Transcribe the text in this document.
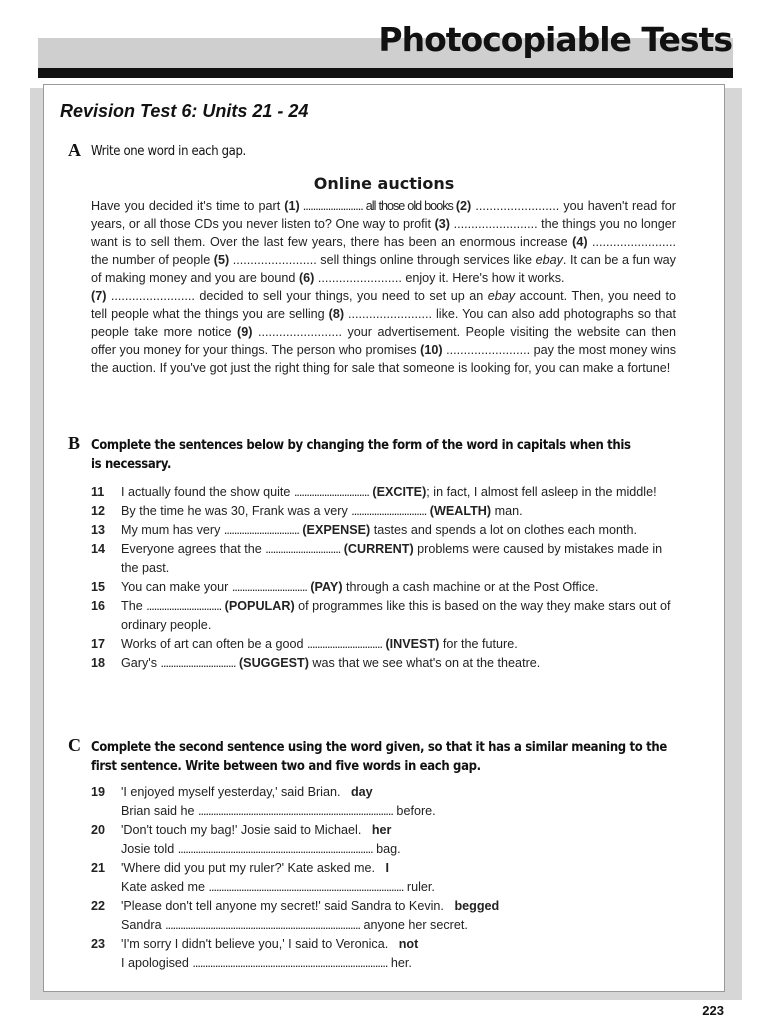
Photocopiable Tests
Revision Test 6: Units 21 - 24
A Write one word in each gap.
Online auctions

Have you decided it's time to part (1) ........................ all those old books (2) ........................ you haven't read for years, or all those CDs you never listen to? One way to profit (3) ........................ the things you no longer want is to sell them. Over the last few years, there has been an enormous increase (4) ........................ the number of people (5) ........................ sell things online through services like ebay. It can be a fun way of making money and you are bound (6) ........................ enjoy it. Here's how it works.

(7) ........................ decided to sell your things, you need to set up an ebay account. Then, you need to tell people what the things you are selling (8) ........................ like. You can also add photographs so that people take more notice (9) ........................ your advertisement. People visiting the website can then offer you money for your things. The person who promises (10) ........................ pay the most money wins the auction. If you've got just the right thing for sale that someone is looking for, you can make a fortune!

B Complete the sentences below by changing the form of the word in capitals when this is necessary.
11 I actually found the show quite .............................. (EXCITE); in fact, I almost fell asleep in the middle!
12 By the time he was 30, Frank was a very .............................. (WEALTH) man.
13 My mum has very .............................. (EXPENSE) tastes and spends a lot on clothes each month.
14 Everyone agrees that the .............................. (CURRENT) problems were caused by mistakes made in the past.
15 You can make your .............................. (PAY) through a cash machine or at the Post Office.
16 The .............................. (POPULAR) of programmes like this is based on the way they make stars out of ordinary people.
17 Works of art can often be a good .............................. (INVEST) for the future.
18 Gary's .............................. (SUGGEST) was that we see what's on at the theatre.
C Complete the second sentence using the word given, so that it has a similar meaning to the first sentence. Write between two and five words in each gap.
19 'I enjoyed myself yesterday,' said Brian. day
Brian said he .............................................................................. before.
20 'Don't touch my bag!' Josie said to Michael. her
Josie told .............................................................................. bag.
21 'Where did you put my ruler?' Kate asked me. I
Kate asked me .............................................................................. ruler.
22 'Please don't tell anyone my secret!' said Sandra to Kevin. begged
Sandra .............................................................................. anyone her secret.
23 'I'm sorry I didn't believe you,' I said to Veronica. not
I apologised .............................................................................. her.
223
